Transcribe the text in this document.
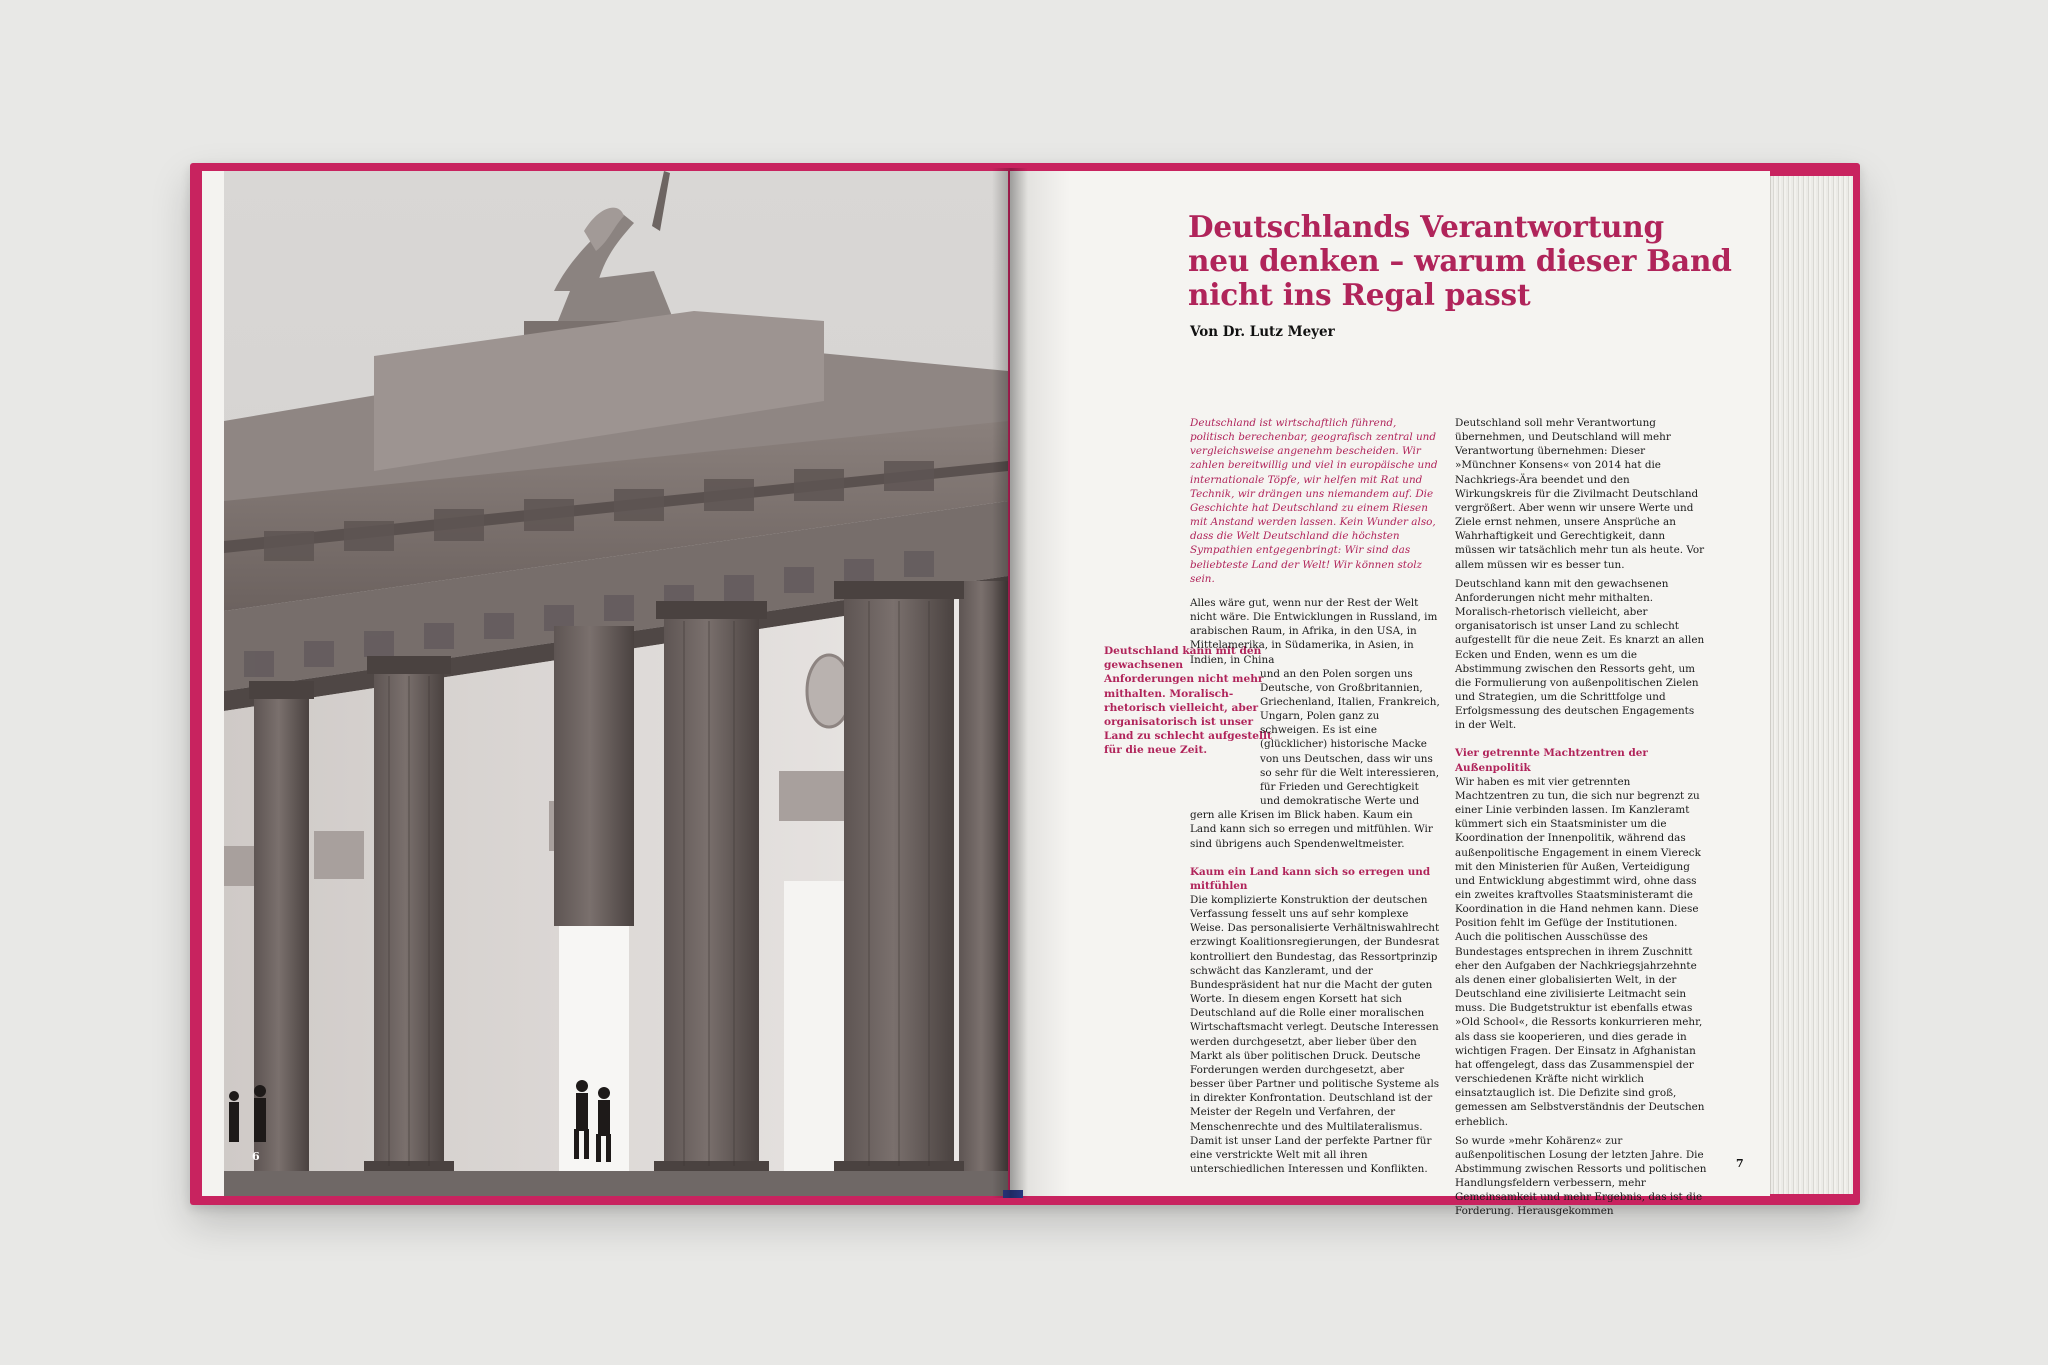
6
Deutschlands Verantwortung
neu denken – warum dieser Band
nicht ins Regal passt
Von Dr. Lutz Meyer
Deutschland kann mit den gewachsenen Anforderungen nicht mehr mithalten. Moralisch-rhetorisch vielleicht, aber organisatorisch ist unser Land zu schlecht aufgestellt für die neue Zeit.

Deutschland ist wirtschaftlich führend, politisch berechenbar, geografisch zentral und vergleichsweise angenehm bescheiden. Wir zahlen bereitwillig und viel in europäische und internationale Töpfe, wir helfen mit Rat und Technik, wir drängen uns niemandem auf. Die Geschichte hat Deutschland zu einem Riesen mit Anstand werden lassen. Kein Wunder also, dass die Welt Deutschland die höchsten Sympathien entgegenbringt: Wir sind das beliebteste Land der Welt! Wir können stolz sein.

Alles wäre gut, wenn nur der Rest der Welt nicht wäre. Die Entwicklungen in Russland, im arabischen Raum, in Afrika, in den USA, in Mittelamerika, in Südamerika, in Asien, in Indien, in China

und an den Polen sorgen uns Deutsche, von Großbritannien, Griechenland, Italien, Frankreich, Ungarn, Polen ganz zu schweigen. Es ist eine (glücklicher) historische Macke von uns Deutschen, dass wir uns so sehr für die Welt interessieren, für Frieden und Gerechtigkeit

und demokratische Werte und gern alle Krisen im Blick haben. Kaum ein Land kann sich so erregen und mitfühlen. Wir sind übrigens auch Spendenweltmeister.

Kaum ein Land kann sich so erregen und mitfühlen

Die komplizierte Konstruktion der deutschen Verfassung fesselt uns auf sehr komplexe Weise. Das personalisierte Verhältniswahlrecht erzwingt Koalitionsregierungen, der Bundesrat kontrolliert den Bundestag, das Ressortprinzip schwächt das Kanzleramt, und der Bundespräsident hat nur die Macht der guten Worte. In diesem engen Korsett hat sich Deutschland auf die Rolle einer moralischen Wirtschaftsmacht verlegt. Deutsche Interessen werden durchgesetzt, aber lieber über den Markt als über politischen Druck. Deutsche Forderungen werden durchgesetzt, aber besser über Partner und politische Systeme als in direkter Konfrontation. Deutschland ist der Meister der Regeln und Verfahren, der Menschenrechte und des Multilateralismus. Damit ist unser Land der perfekte Partner für eine verstrickte Welt mit all ihren unterschiedlichen Interessen und Konflikten.

Deutschland soll mehr Verantwortung übernehmen, und Deutschland will mehr Verantwortung übernehmen: Dieser »Münchner Konsens« von 2014 hat die Nachkriegs-Ära beendet und den Wirkungskreis für die Zivilmacht Deutschland vergrößert. Aber wenn wir unsere Werte und Ziele ernst nehmen, unsere Ansprüche an Wahrhaftigkeit und Gerechtigkeit, dann müssen wir tatsächlich mehr tun als heute. Vor allem müssen wir es besser tun.

Deutschland kann mit den gewachsenen Anforderungen nicht mehr mithalten. Moralisch-rhetorisch vielleicht, aber organisatorisch ist unser Land zu schlecht aufgestellt für die neue Zeit. Es knarzt an allen Ecken und Enden, wenn es um die Abstimmung zwischen den Ressorts geht, um die Formulierung von außenpolitischen Zielen und Strategien, um die Schrittfolge und Erfolgsmessung des deutschen Engagements in der Welt.

Vier getrennte Machtzentren der Außenpolitik

Wir haben es mit vier getrennten Machtzentren zu tun, die sich nur begrenzt zu einer Linie verbinden lassen. Im Kanzleramt kümmert sich ein Staatsminister um die Koordination der Innenpolitik, während das außenpolitische Engagement in einem Viereck mit den Ministerien für Außen, Verteidigung und Entwicklung abgestimmt wird, ohne dass ein zweites kraftvolles Staatsministeramt die Koordination in die Hand nehmen kann. Diese Position fehlt im Gefüge der Institutionen. Auch die politischen Ausschüsse des Bundestages entsprechen in ihrem Zuschnitt eher den Aufgaben der Nachkriegsjahrzehnte als denen einer globalisierten Welt, in der Deutschland eine zivilisierte Leitmacht sein muss. Die Budgetstruktur ist ebenfalls etwas »Old School«, die Ressorts konkurrieren mehr, als dass sie kooperieren, und dies gerade in wichtigen Fragen. Der Einsatz in Afghanistan hat offengelegt, dass das Zusammenspiel der verschiedenen Kräfte nicht wirklich einsatztauglich ist. Die Defizite sind groß, gemessen am Selbstverständnis der Deutschen erheblich.

So wurde »mehr Kohärenz« zur außenpolitischen Losung der letzten Jahre. Die Abstimmung zwischen Ressorts und politischen Handlungsfeldern verbessern, mehr Gemeinsamkeit und mehr Ergebnis, das ist die Forderung. Herausgekommen

7
